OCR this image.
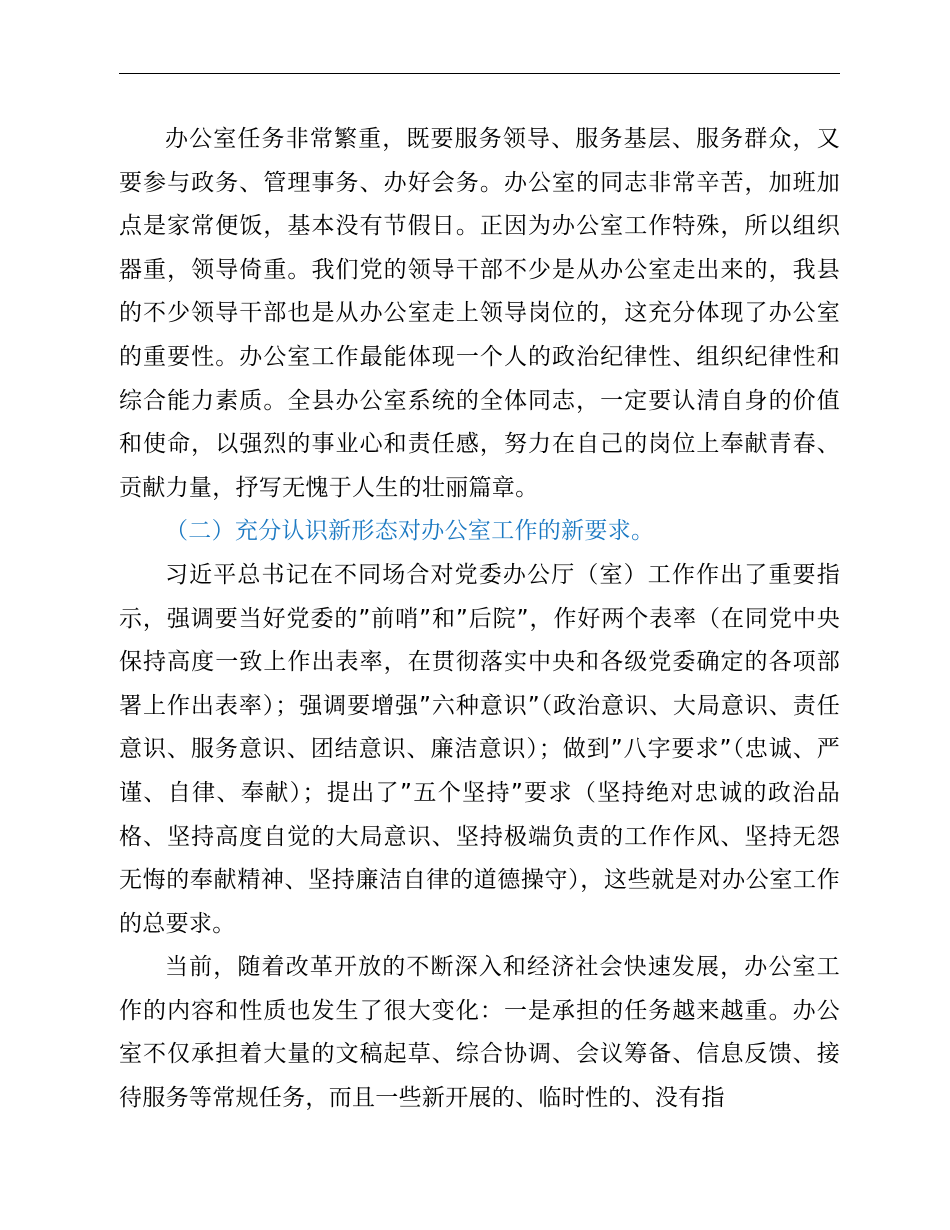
办公室任务非常繁重，既要服务领导、服务基层、服务群众，又要参与政务、管理事务、办好会务。办公室的同志非常辛苦，加班加点是家常便饭，基本没有节假日。正因为办公室工作特殊，所以组织器重，领导倚重。我们党的领导干部不少是从办公室走出来的，我县的不少领导干部也是从办公室走上领导岗位的，这充分体现了办公室的重要性。办公室工作最能体现一个人的政治纪律性、组织纪律性和综合能力素质。全县办公室系统的全体同志，一定要认清自身的价值和使命，以强烈的事业心和责任感，努力在自己的岗位上奉献青春、贡献力量，抒写无愧于人生的壮丽篇章。

（二）充分认识新形态对办公室工作的新要求。

习近平总书记在不同场合对党委办公厅（室）工作作出了重要指示，强调要当好党委的”前哨”和”后院”，作好两个表率（在同党中央保持高度一致上作出表率，在贯彻落实中央和各级党委确定的各项部署上作出表率）；强调要增强”六种意识”（政治意识、大局意识、责任意识、服务意识、团结意识、廉洁意识）；做到”八字要求”（忠诚、严谨、自律、奉献）；提出了”五个坚持”要求（坚持绝对忠诚的政治品格、坚持高度自觉的大局意识、坚持极端负责的工作作风、坚持无怨无悔的奉献精神、坚持廉洁自律的道德操守），这些就是对办公室工作的总要求。

当前，随着改革开放的不断深入和经济社会快速发展，办公室工作的内容和性质也发生了很大变化：一是承担的任务越来越重。办公室不仅承担着大量的文稿起草、综合协调、会议筹备、信息反馈、接待服务等常规任务，而且一些新开展的、临时性的、没有指
